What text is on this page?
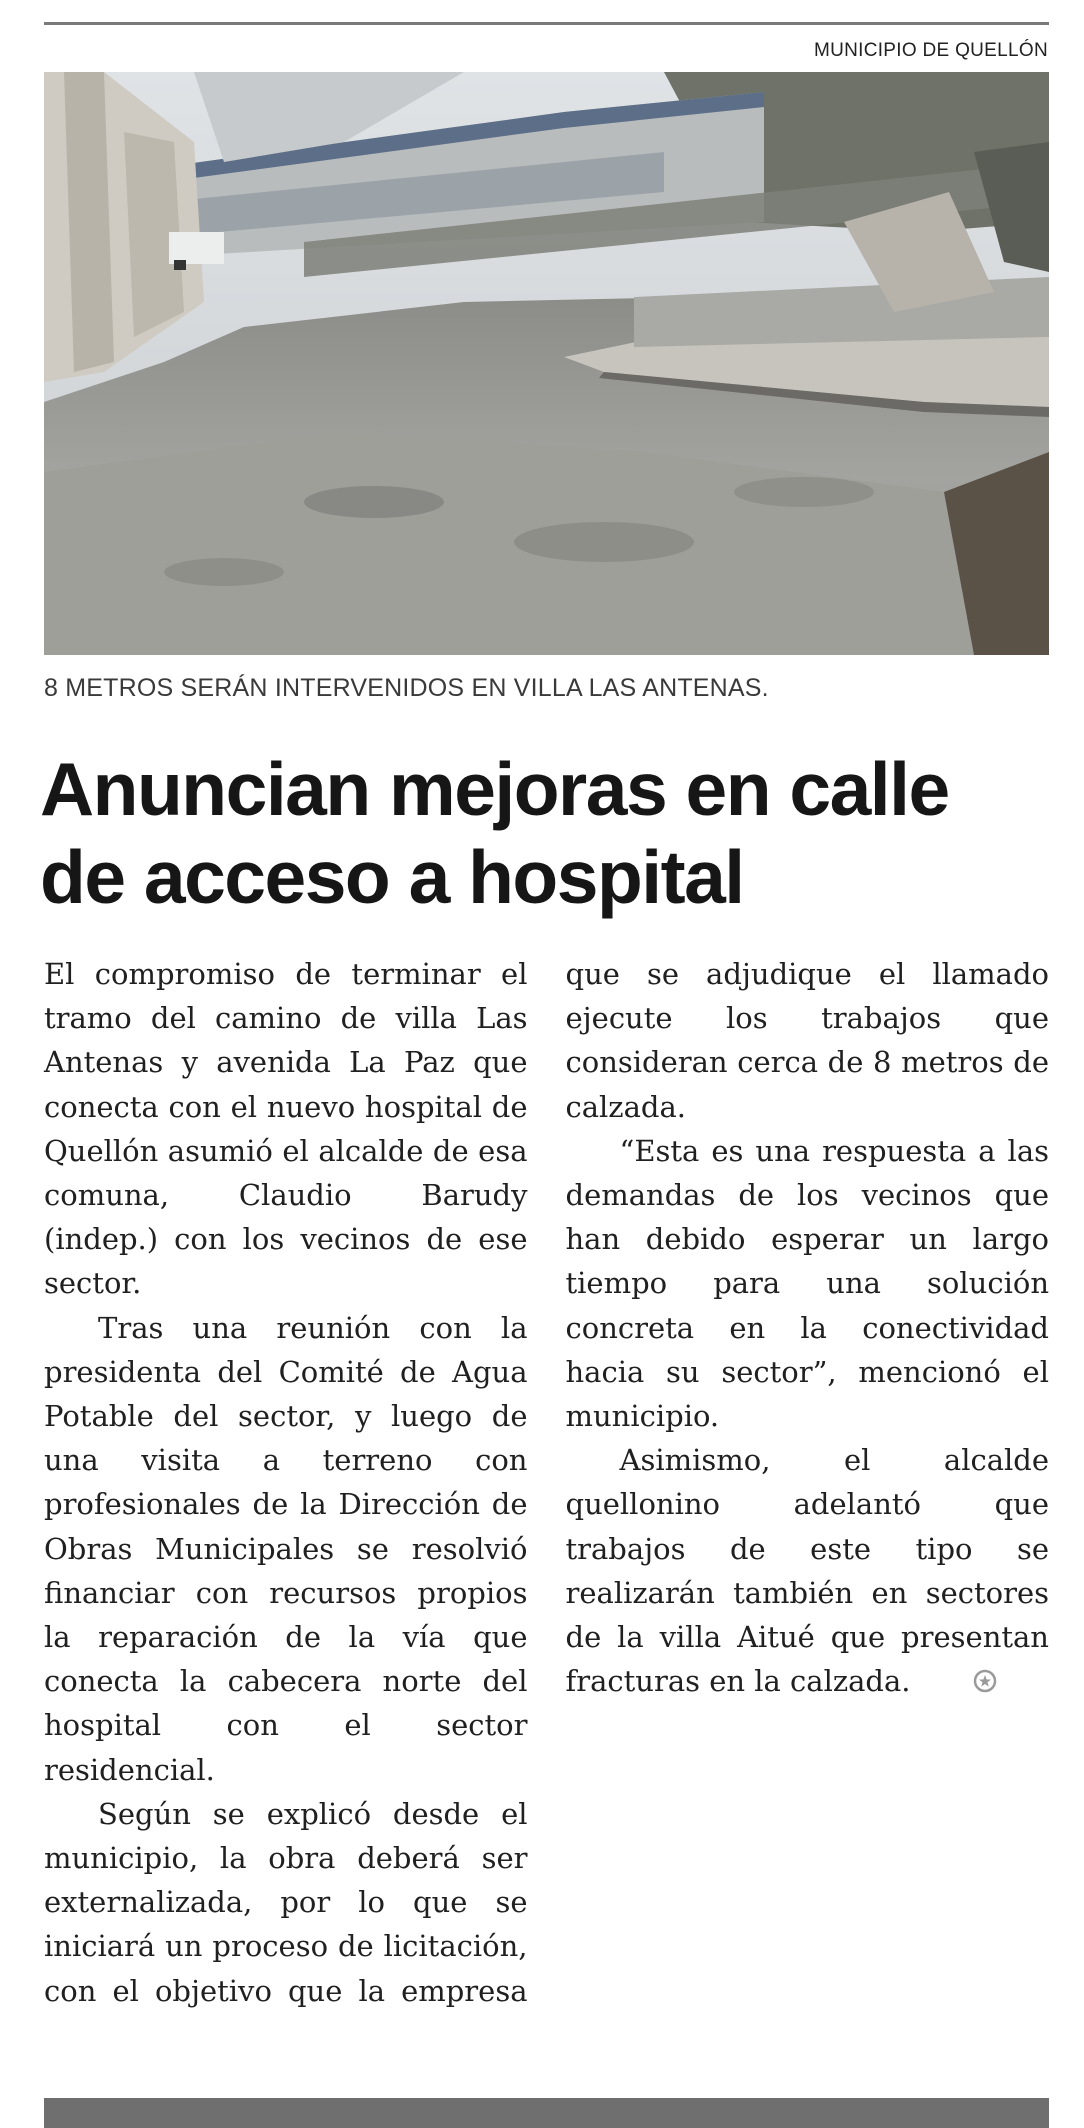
MUNICIPIO DE QUELLÓN
8 METROS SERÁN INTERVENIDOS EN VILLA LAS ANTENAS.
Anuncian mejoras en calle de acceso a hospital

El compromiso de terminar el tramo del camino de villa Las Antenas y avenida La Paz que conecta con el nuevo hospital de Quellón asumió el alcalde de esa comuna, Claudio Barudy (indep.) con los vecinos de ese sector.

Tras una reunión con la presidenta del Comité de Agua Potable del sector, y luego de una visita a terreno con profesionales de la Dirección de Obras Municipales se resolvió financiar con recursos propios la reparación de la vía que conecta la cabecera norte del hospital con el sector residencial.

Según se explicó desde el municipio, la obra deberá ser externalizada, por lo que se iniciará un proceso de licitación, con el objetivo que la empresa que se adjudique el llamado ejecute los trabajos que consideran cerca de 8 metros de calzada.

“Esta es una respuesta a las demandas de los vecinos que han debido esperar un largo tiempo para una solución concreta en la conectividad hacia su sector”, mencionó el municipio.

Asimismo, el alcalde quellonino adelantó que trabajos de este tipo se realizarán también en sectores de la villa Aitué que presentan fracturas en la calzada.
